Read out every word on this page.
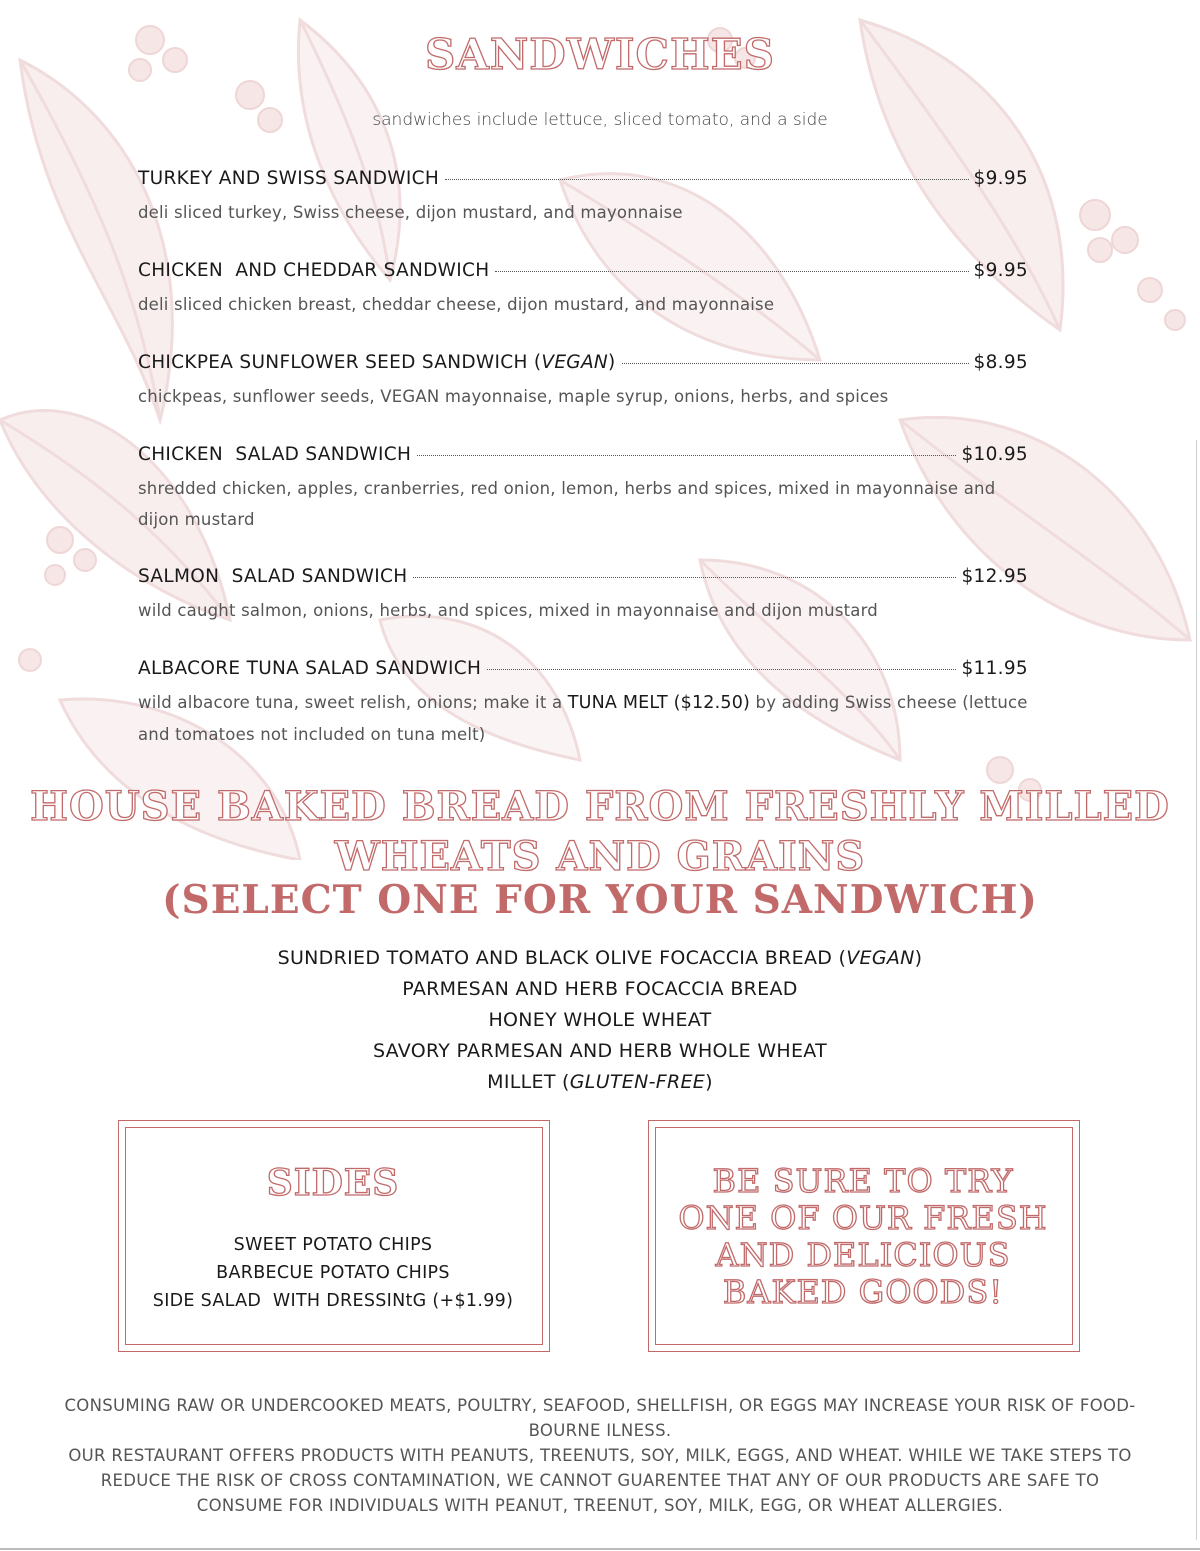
SANDWICHES
sandwiches include lettuce, sliced tomato, and a side
TURKEY AND SWISS SANDWICH	$9.95
deli sliced turkey, Swiss cheese, dijon mustard, and mayonnaise
CHICKEN  AND CHEDDAR SANDWICH	$9.95
deli sliced chicken breast, cheddar cheese, dijon mustard, and mayonnaise
CHICKPEA SUNFLOWER SEED SANDWICH (VEGAN)	$8.95
chickpeas, sunflower seeds, VEGAN mayonnaise, maple syrup, onions, herbs, and spices
CHICKEN  SALAD SANDWICH	$10.95
shredded chicken, apples, cranberries, red onion, lemon, herbs and spices, mixed in mayonnaise and dijon mustard
SALMON  SALAD SANDWICH	$12.95
wild caught salmon, onions, herbs, and spices, mixed in mayonnaise and dijon mustard
ALBACORE TUNA SALAD SANDWICH	$11.95
wild albacore tuna, sweet relish, onions; make it a TUNA MELT ($12.50) by adding Swiss cheese (lettuce and tomatoes not included on tuna melt)
HOUSE BAKED BREAD FROM FRESHLY MILLED
WHEATS AND GRAINS
(SELECT ONE FOR YOUR SANDWICH)
SUNDRIED TOMATO AND BLACK OLIVE FOCACCIA BREAD (VEGAN)
PARMESAN AND HERB FOCACCIA BREAD
HONEY WHOLE WHEAT
SAVORY PARMESAN AND HERB WHOLE WHEAT
MILLET (GLUTEN-FREE)
SIDES
SWEET POTATO CHIPS
BARBECUE POTATO CHIPS
SIDE SALAD  WITH DRESSINtG (+$1.99)
BE SURE TO TRY ONE OF OUR FRESH AND DELICIOUS BAKED GOODS!

CONSUMING RAW OR UNDERCOOKED MEATS, POULTRY, SEAFOOD, SHELLFISH, OR EGGS MAY INCREASE YOUR RISK OF FOOD-BOURNE ILNESS.

OUR RESTAURANT OFFERS PRODUCTS WITH PEANUTS, TREENUTS, SOY, MILK, EGGS, AND WHEAT. WHILE WE TAKE STEPS TO REDUCE THE RISK OF CROSS CONTAMINATION, WE CANNOT GUARENTEE THAT ANY OF OUR PRODUCTS ARE SAFE TO CONSUME FOR INDIVIDUALS WITH PEANUT, TREENUT, SOY, MILK, EGG, OR WHEAT ALLERGIES.
